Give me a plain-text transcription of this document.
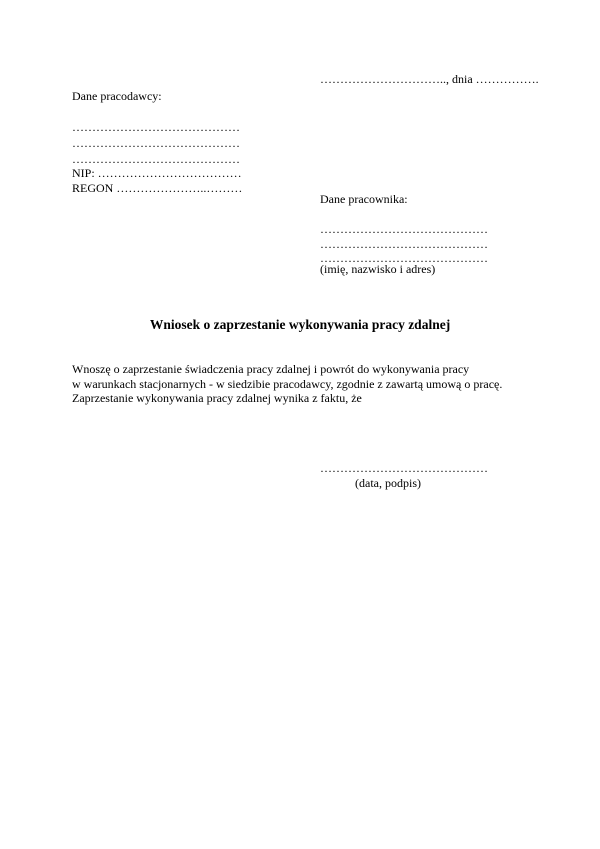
………………………….., dnia …………….
Dane pracodawcy:
……………………………………
……………………………………
……………………………………
NIP: ………………………………
REGON …………………..………
Dane pracownika:
……………………………………
……………………………………
……………………………………
(imię, nazwisko i adres)
Wniosek o zaprzestanie wykonywania pracy zdalnej
Wnoszę o zaprzestanie świadczenia pracy zdalnej i powrót do wykonywania pracy
w warunkach stacjonarnych - w siedzibie pracodawcy, zgodnie z zawartą umową o pracę.
Zaprzestanie wykonywania pracy zdalnej wynika z faktu, że
……………………………………
(data, podpis)
